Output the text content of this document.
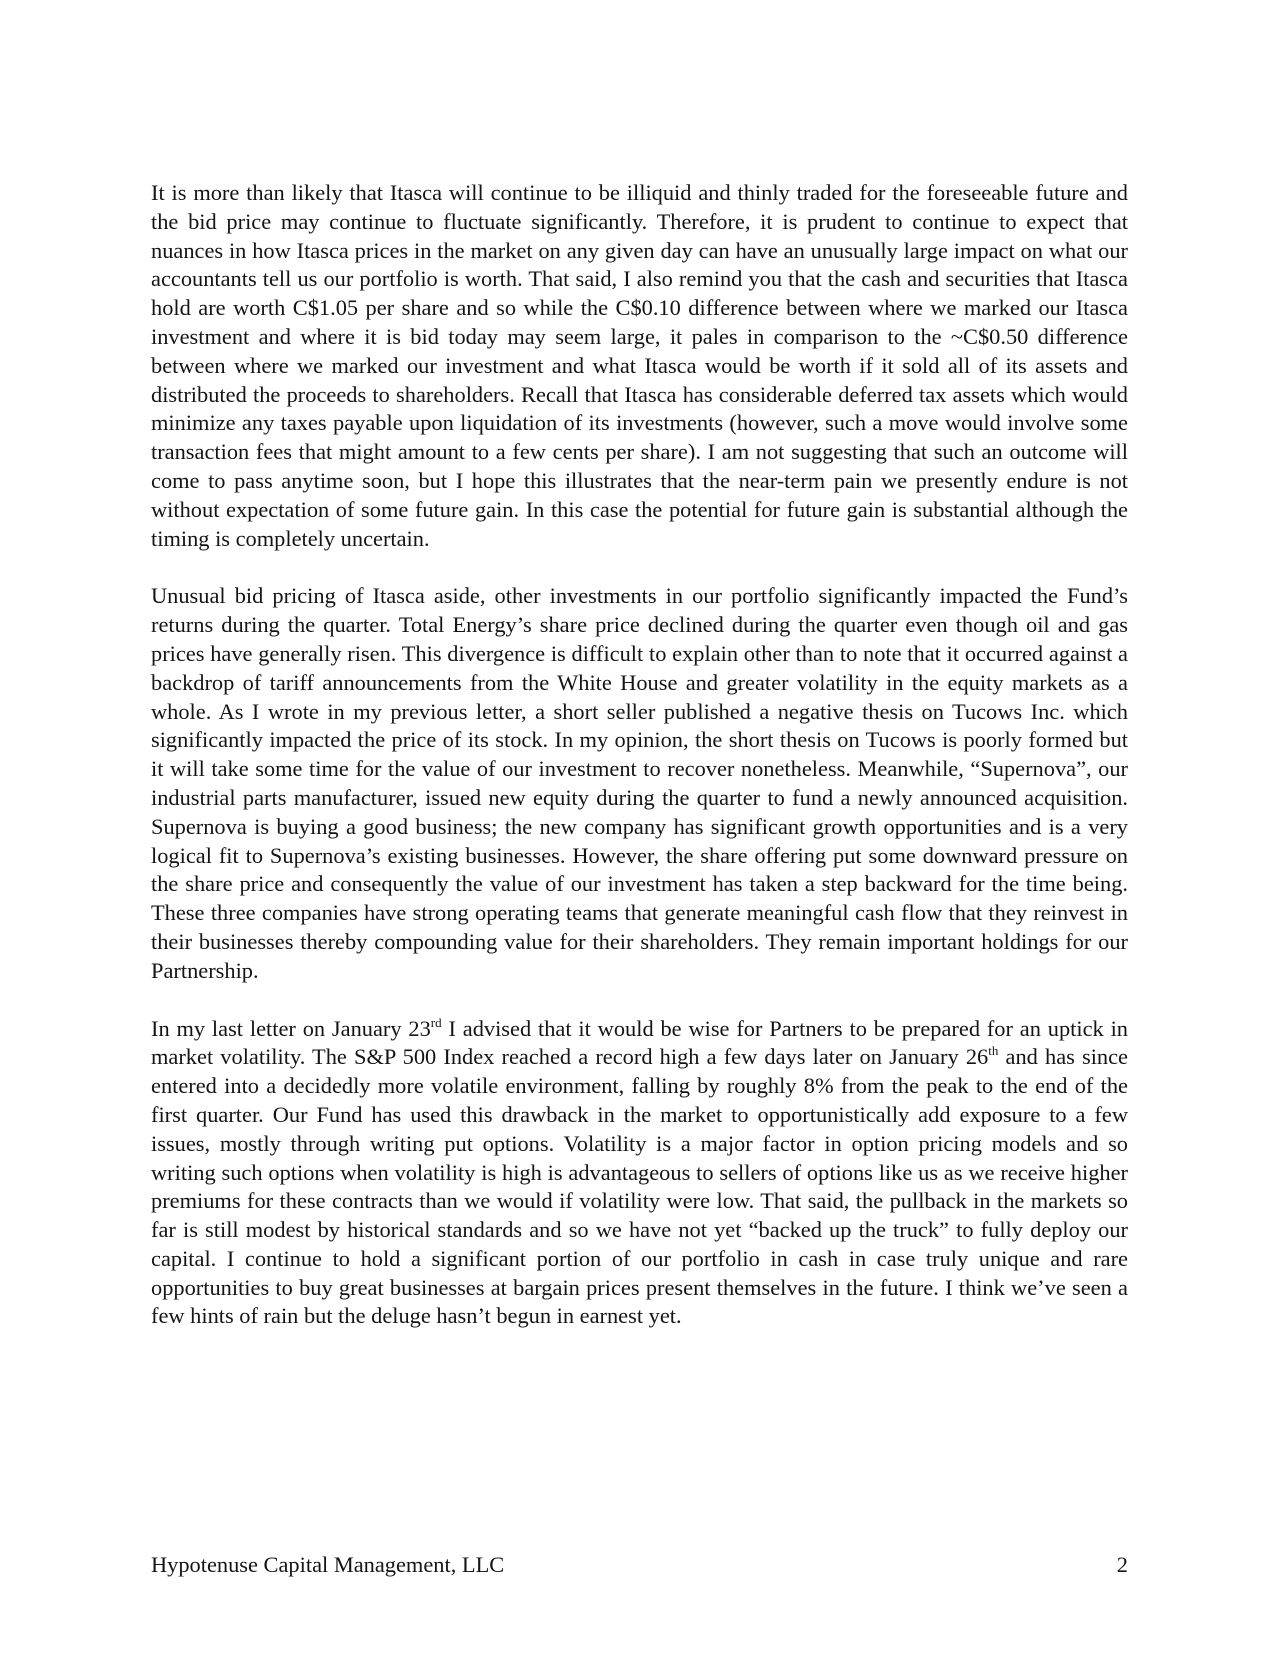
It is more than likely that Itasca will continue to be illiquid and thinly traded for the foreseeable future and the bid price may continue to fluctuate significantly. Therefore, it is prudent to continue to expect that nuances in how Itasca prices in the market on any given day can have an unusually large impact on what our accountants tell us our portfolio is worth. That said, I also remind you that the cash and securities that Itasca hold are worth C$1.05 per share and so while the C$0.10 difference between where we marked our Itasca investment and where it is bid today may seem large, it pales in comparison to the ~C$0.50 difference between where we marked our investment and what Itasca would be worth if it sold all of its assets and distributed the proceeds to shareholders. Recall that Itasca has considerable deferred tax assets which would minimize any taxes payable upon liquidation of its investments (however, such a move would involve some transaction fees that might amount to a few cents per share). I am not suggesting that such an outcome will come to pass anytime soon, but I hope this illustrates that the near-term pain we presently endure is not without expectation of some future gain. In this case the potential for future gain is substantial although the timing is completely uncertain.

Unusual bid pricing of Itasca aside, other investments in our portfolio significantly impacted the Fund’s returns during the quarter. Total Energy’s share price declined during the quarter even though oil and gas prices have generally risen. This divergence is difficult to explain other than to note that it occurred against a backdrop of tariff announcements from the White House and greater volatility in the equity markets as a whole. As I wrote in my previous letter, a short seller published a negative thesis on Tucows Inc. which significantly impacted the price of its stock. In my opinion, the short thesis on Tucows is poorly formed but it will take some time for the value of our investment to recover nonetheless. Meanwhile, “Supernova”, our industrial parts manufacturer, issued new equity during the quarter to fund a newly announced acquisition. Supernova is buying a good business; the new company has significant growth opportunities and is a very logical fit to Supernova’s existing businesses. However, the share offering put some downward pressure on the share price and consequently the value of our investment has taken a step backward for the time being. These three companies have strong operating teams that generate meaningful cash flow that they reinvest in their businesses thereby compounding value for their shareholders. They remain important holdings for our Partnership.

In my last letter on January 23rd I advised that it would be wise for Partners to be prepared for an uptick in market volatility. The S&P 500 Index reached a record high a few days later on January 26th and has since entered into a decidedly more volatile environment, falling by roughly 8% from the peak to the end of the first quarter. Our Fund has used this drawback in the market to opportunistically add exposure to a few issues, mostly through writing put options. Volatility is a major factor in option pricing models and so writing such options when volatility is high is advantageous to sellers of options like us as we receive higher premiums for these contracts than we would if volatility were low. That said, the pullback in the markets so far is still modest by historical standards and so we have not yet “backed up the truck” to fully deploy our capital. I continue to hold a significant portion of our portfolio in cash in case truly unique and rare opportunities to buy great businesses at bargain prices present themselves in the future. I think we’ve seen a few hints of rain but the deluge hasn’t begun in earnest yet.

Hypotenuse Capital Management, LLC	2
